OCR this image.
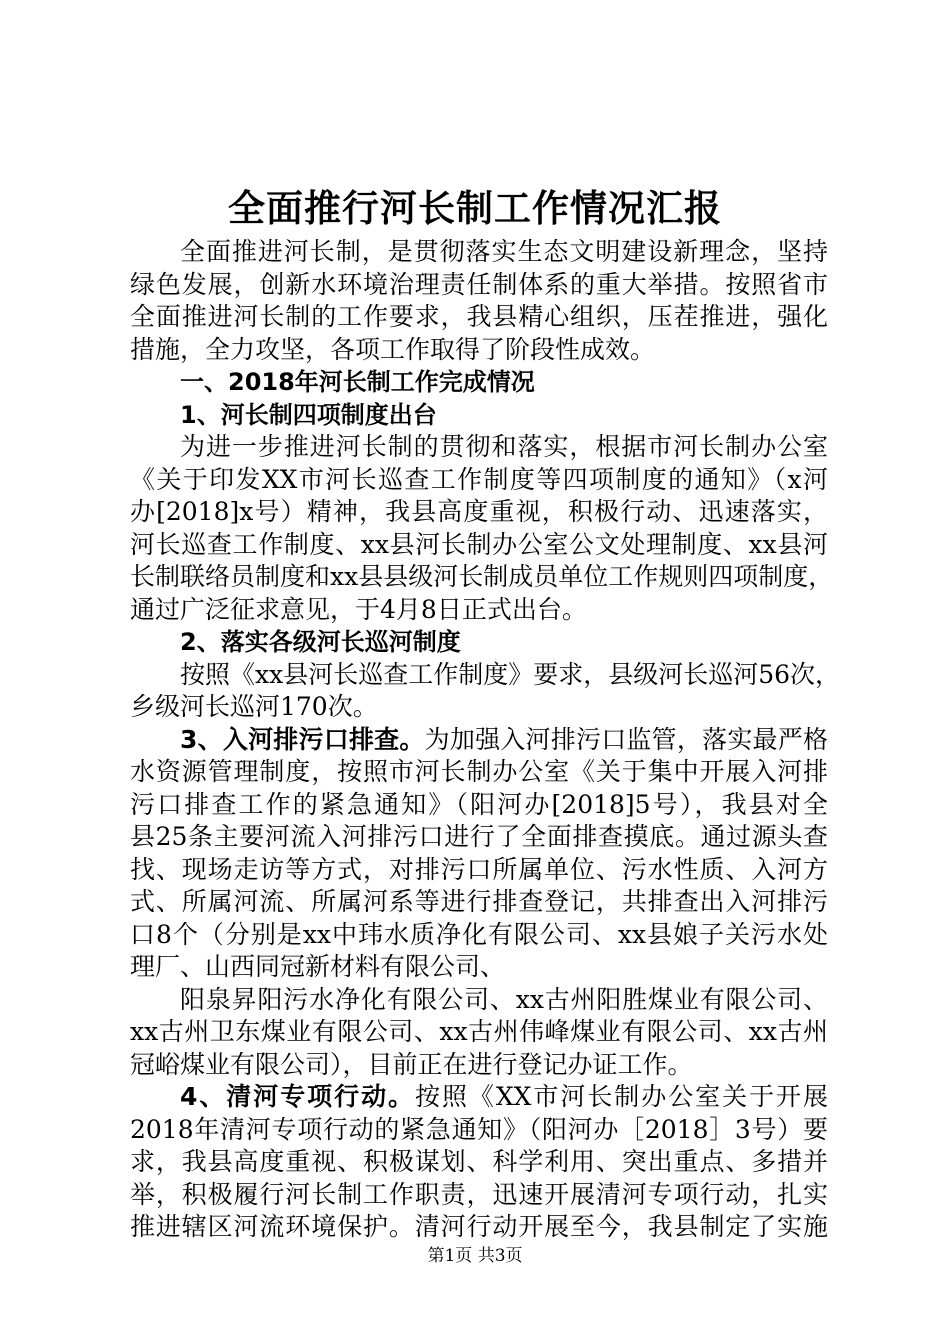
全面推行河长制工作情况汇报
全面推进河长制，是贯彻落实生态文明建设新理念，坚持
绿色发展，创新水环境治理责任制体系的重大举措。按照省市
全面推进河长制的工作要求，我县精心组织，压茬推进，强化
措施，全力攻坚，各项工作取得了阶段性成效。
一、2018年河长制工作完成情况
1、河长制四项制度出台
为进一步推进河长制的贯彻和落实，根据市河长制办公室
《关于印发XX市河长巡查工作制度等四项制度的通知》（x河
办[2018]x号）精神，我县高度重视，积极行动、迅速落实，
河长巡查工作制度、xx县河长制办公室公文处理制度、xx县河
长制联络员制度和xx县县级河长制成员单位工作规则四项制度，
通过广泛征求意见，于4月8日正式出台。
2、落实各级河长巡河制度
按照《xx县河长巡查工作制度》要求，县级河长巡河56次，
乡级河长巡河170次。
3、入河排污口排查。为加强入河排污口监管，落实最严格
水资源管理制度，按照市河长制办公室《关于集中开展入河排
污口排查工作的紧急通知》（阳河办[2018]5号），我县对全
县25条主要河流入河排污口进行了全面排查摸底。通过源头查
找、现场走访等方式，对排污口所属单位、污水性质、入河方
式、所属河流、所属河系等进行排查登记，共排查出入河排污
口8个（分别是xx中玮水质净化有限公司、xx县娘子关污水处
理厂、山西同冠新材料有限公司、
阳泉昇阳污水净化有限公司、xx古州阳胜煤业有限公司、
xx古州卫东煤业有限公司、xx古州伟峰煤业有限公司、xx古州
冠峪煤业有限公司），目前正在进行登记办证工作。
4、清河专项行动。按照《XX市河长制办公室关于开展
2018年清河专项行动的紧急通知》（阳河办［2018］3号）要
求，我县高度重视、积极谋划、科学利用、突出重点、多措并
举，积极履行河长制工作职责，迅速开展清河专项行动，扎实
推进辖区河流环境保护。清河行动开展至今，我县制定了实施
第1页 共3页
